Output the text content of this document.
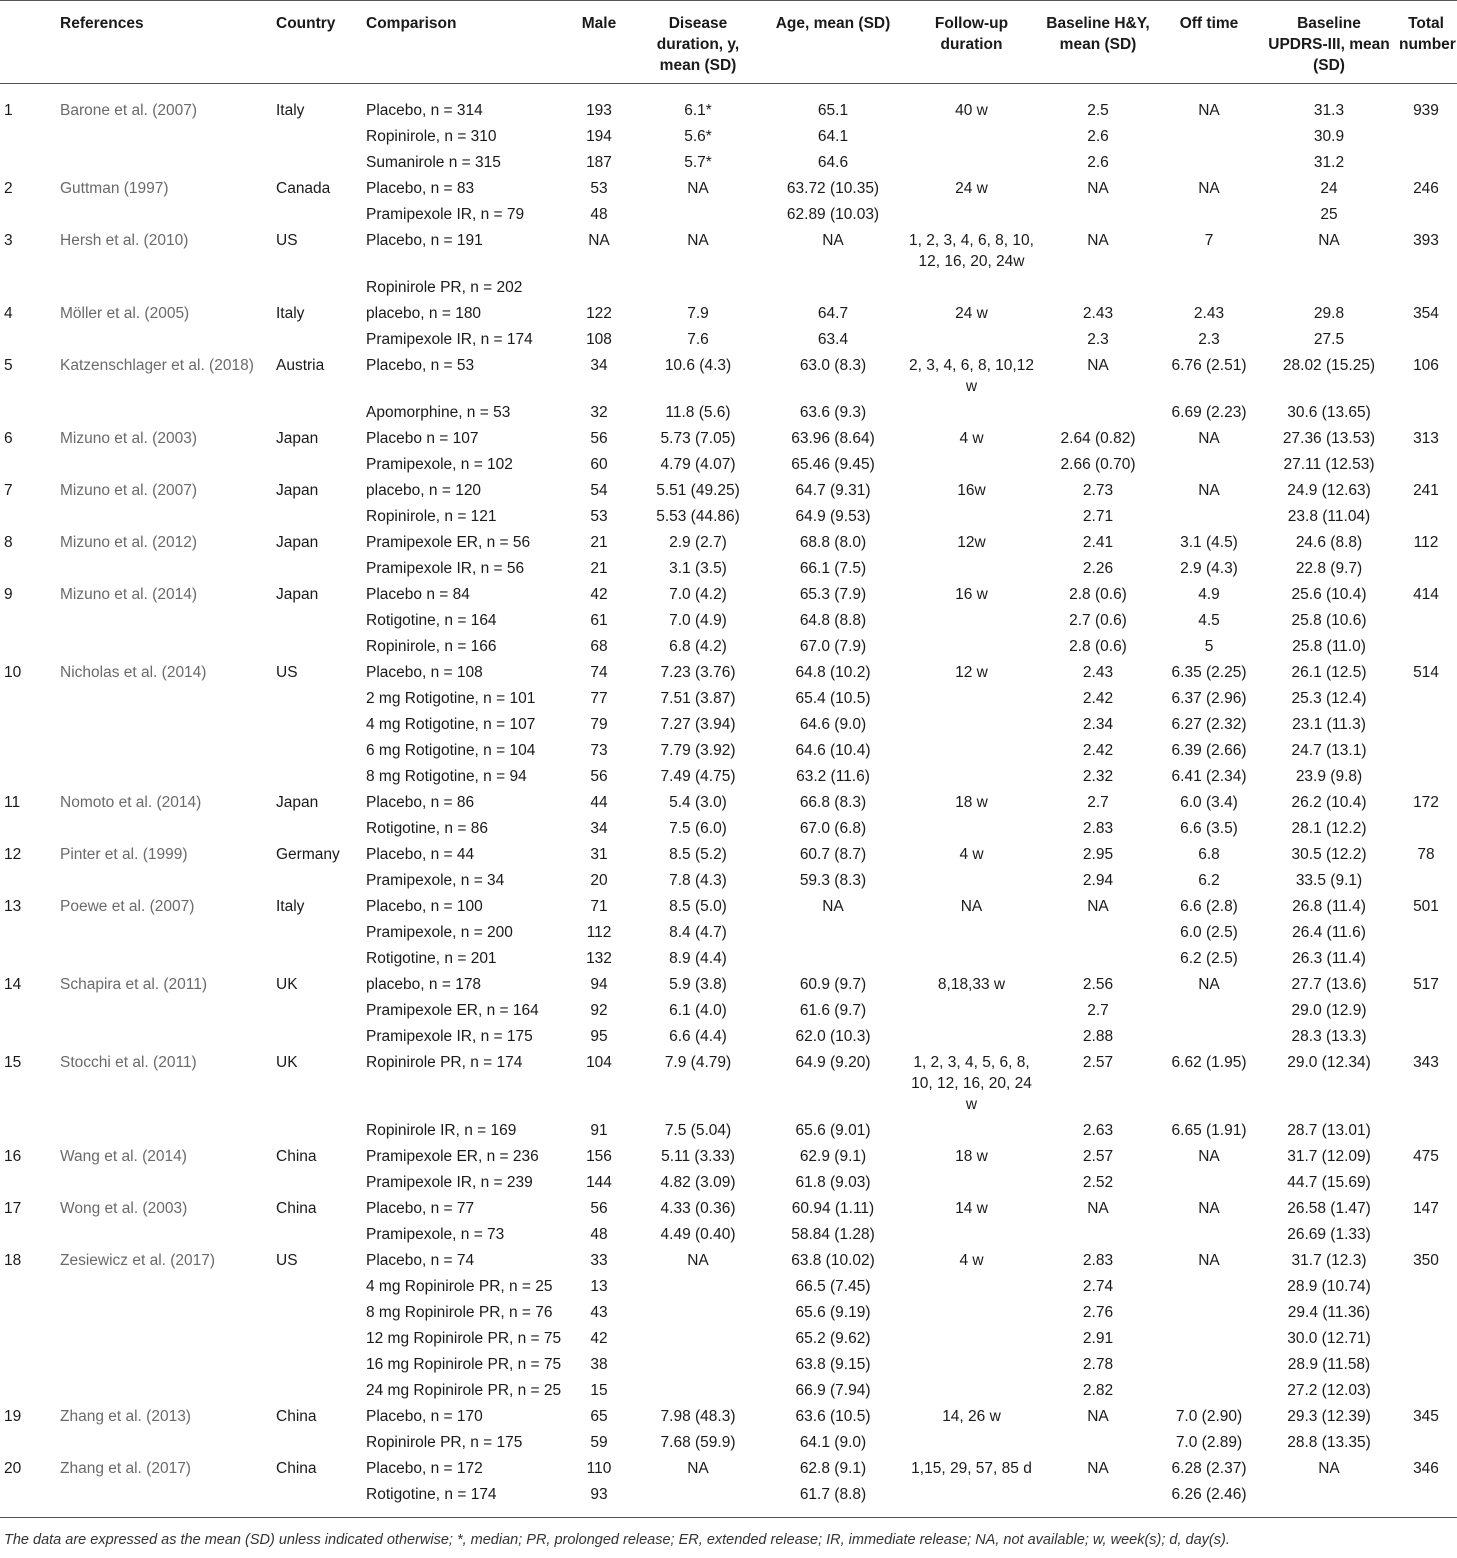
	References	Country	Comparison	Male	Disease duration, y, mean (SD)	Age, mean (SD)	Follow-up duration	Baseline H&Y, mean (SD)	Off time	Baseline UPDRS-III, mean (SD)	Total number
1	Barone et al. (2007)	Italy	Placebo, n = 314	193	6.1*	65.1	40 w	2.5	NA	31.3	939
			Ropinirole, n = 310	194	5.6*	64.1		2.6		30.9	
			Sumanirole n = 315	187	5.7*	64.6		2.6		31.2	
2	Guttman (1997)	Canada	Placebo, n = 83	53	NA	63.72 (10.35)	24 w	NA	NA	24	246
			Pramipexole IR, n = 79	48		62.89 (10.03)				25	
3	Hersh et al. (2010)	US	Placebo, n = 191	NA	NA	NA	1, 2, 3, 4, 6, 8, 10, 12, 16, 20, 24w	NA	7	NA	393
			Ropinirole PR, n = 202								
4	Möller et al. (2005)	Italy	placebo, n = 180	122	7.9	64.7	24 w	2.43	2.43	29.8	354
			Pramipexole IR, n = 174	108	7.6	63.4		2.3	2.3	27.5	
5	Katzenschlager et al. (2018)	Austria	Placebo, n = 53	34	10.6 (4.3)	63.0 (8.3)	2, 3, 4, 6, 8, 10,12 w	NA	6.76 (2.51)	28.02 (15.25)	106
			Apomorphine, n = 53	32	11.8 (5.6)	63.6 (9.3)			6.69 (2.23)	30.6 (13.65)	
6	Mizuno et al. (2003)	Japan	Placebo n = 107	56	5.73 (7.05)	63.96 (8.64)	4 w	2.64 (0.82)	NA	27.36 (13.53)	313
			Pramipexole, n = 102	60	4.79 (4.07)	65.46 (9.45)		2.66 (0.70)		27.11 (12.53)	
7	Mizuno et al. (2007)	Japan	placebo, n = 120	54	5.51 (49.25)	64.7 (9.31)	16w	2.73	NA	24.9 (12.63)	241
			Ropinirole, n = 121	53	5.53 (44.86)	64.9 (9.53)		2.71		23.8 (11.04)	
8	Mizuno et al. (2012)	Japan	Pramipexole ER, n = 56	21	2.9 (2.7)	68.8 (8.0)	12w	2.41	3.1 (4.5)	24.6 (8.8)	112
			Pramipexole IR, n = 56	21	3.1 (3.5)	66.1 (7.5)		2.26	2.9 (4.3)	22.8 (9.7)	
9	Mizuno et al. (2014)	Japan	Placebo n = 84	42	7.0 (4.2)	65.3 (7.9)	16 w	2.8 (0.6)	4.9	25.6 (10.4)	414
			Rotigotine, n = 164	61	7.0 (4.9)	64.8 (8.8)		2.7 (0.6)	4.5	25.8 (10.6)	
			Ropinirole, n = 166	68	6.8 (4.2)	67.0 (7.9)		2.8 (0.6)	5	25.8 (11.0)	
10	Nicholas et al. (2014)	US	Placebo, n = 108	74	7.23 (3.76)	64.8 (10.2)	12 w	2.43	6.35 (2.25)	26.1 (12.5)	514
			2 mg Rotigotine, n = 101	77	7.51 (3.87)	65.4 (10.5)		2.42	6.37 (2.96)	25.3 (12.4)	
			4 mg Rotigotine, n = 107	79	7.27 (3.94)	64.6 (9.0)		2.34	6.27 (2.32)	23.1 (11.3)	
			6 mg Rotigotine, n = 104	73	7.79 (3.92)	64.6 (10.4)		2.42	6.39 (2.66)	24.7 (13.1)	
			8 mg Rotigotine, n = 94	56	7.49 (4.75)	63.2 (11.6)		2.32	6.41 (2.34)	23.9 (9.8)	
11	Nomoto et al. (2014)	Japan	Placebo, n = 86	44	5.4 (3.0)	66.8 (8.3)	18 w	2.7	6.0 (3.4)	26.2 (10.4)	172
			Rotigotine, n = 86	34	7.5 (6.0)	67.0 (6.8)		2.83	6.6 (3.5)	28.1 (12.2)	
12	Pinter et al. (1999)	Germany	Placebo, n = 44	31	8.5 (5.2)	60.7 (8.7)	4 w	2.95	6.8	30.5 (12.2)	78
			Pramipexole, n = 34	20	7.8 (4.3)	59.3 (8.3)		2.94	6.2	33.5 (9.1)	
13	Poewe et al. (2007)	Italy	Placebo, n = 100	71	8.5 (5.0)	NA	NA	NA	6.6 (2.8)	26.8 (11.4)	501
			Pramipexole, n = 200	112	8.4 (4.7)				6.0 (2.5)	26.4 (11.6)	
			Rotigotine, n = 201	132	8.9 (4.4)				6.2 (2.5)	26.3 (11.4)	
14	Schapira et al. (2011)	UK	placebo, n = 178	94	5.9 (3.8)	60.9 (9.7)	8,18,33 w	2.56	NA	27.7 (13.6)	517
			Pramipexole ER, n = 164	92	6.1 (4.0)	61.6 (9.7)		2.7		29.0 (12.9)	
			Pramipexole IR, n = 175	95	6.6 (4.4)	62.0 (10.3)		2.88		28.3 (13.3)	
15	Stocchi et al. (2011)	UK	Ropinirole PR, n = 174	104	7.9 (4.79)	64.9 (9.20)	1, 2, 3, 4, 5, 6, 8, 10, 12, 16, 20, 24 w	2.57	6.62 (1.95)	29.0 (12.34)	343
			Ropinirole IR, n = 169	91	7.5 (5.04)	65.6 (9.01)		2.63	6.65 (1.91)	28.7 (13.01)	
16	Wang et al. (2014)	China	Pramipexole ER, n = 236	156	5.11 (3.33)	62.9 (9.1)	18 w	2.57	NA	31.7 (12.09)	475
			Pramipexole IR, n = 239	144	4.82 (3.09)	61.8 (9.03)		2.52		44.7 (15.69)	
17	Wong et al. (2003)	China	Placebo, n = 77	56	4.33 (0.36)	60.94 (1.11)	14 w	NA	NA	26.58 (1.47)	147
			Pramipexole, n = 73	48	4.49 (0.40)	58.84 (1.28)				26.69 (1.33)	
18	Zesiewicz et al. (2017)	US	Placebo, n = 74	33	NA	63.8 (10.02)	4 w	2.83	NA	31.7 (12.3)	350
			4 mg Ropinirole PR, n = 25	13		66.5 (7.45)		2.74		28.9 (10.74)	
			8 mg Ropinirole PR, n = 76	43		65.6 (9.19)		2.76		29.4 (11.36)	
			12 mg Ropinirole PR, n = 75	42		65.2 (9.62)		2.91		30.0 (12.71)	
			16 mg Ropinirole PR, n = 75	38		63.8 (9.15)		2.78		28.9 (11.58)	
			24 mg Ropinirole PR, n = 25	15		66.9 (7.94)		2.82		27.2 (12.03)	
19	Zhang et al. (2013)	China	Placebo, n = 170	65	7.98 (48.3)	63.6 (10.5)	14, 26 w	NA	7.0 (2.90)	29.3 (12.39)	345
			Ropinirole PR, n = 175	59	7.68 (59.9)	64.1 (9.0)			7.0 (2.89)	28.8 (13.35)	
20	Zhang et al. (2017)	China	Placebo, n = 172	110	NA	62.8 (9.1)	1,15, 29, 57, 85 d	NA	6.28 (2.37)	NA	346
			Rotigotine, n = 174	93		61.7 (8.8)			6.26 (2.46)		
The data are expressed as the mean (SD) unless indicated otherwise; *, median; PR, prolonged release; ER, extended release; IR, immediate release; NA, not available; w, week(s); d, day(s).
